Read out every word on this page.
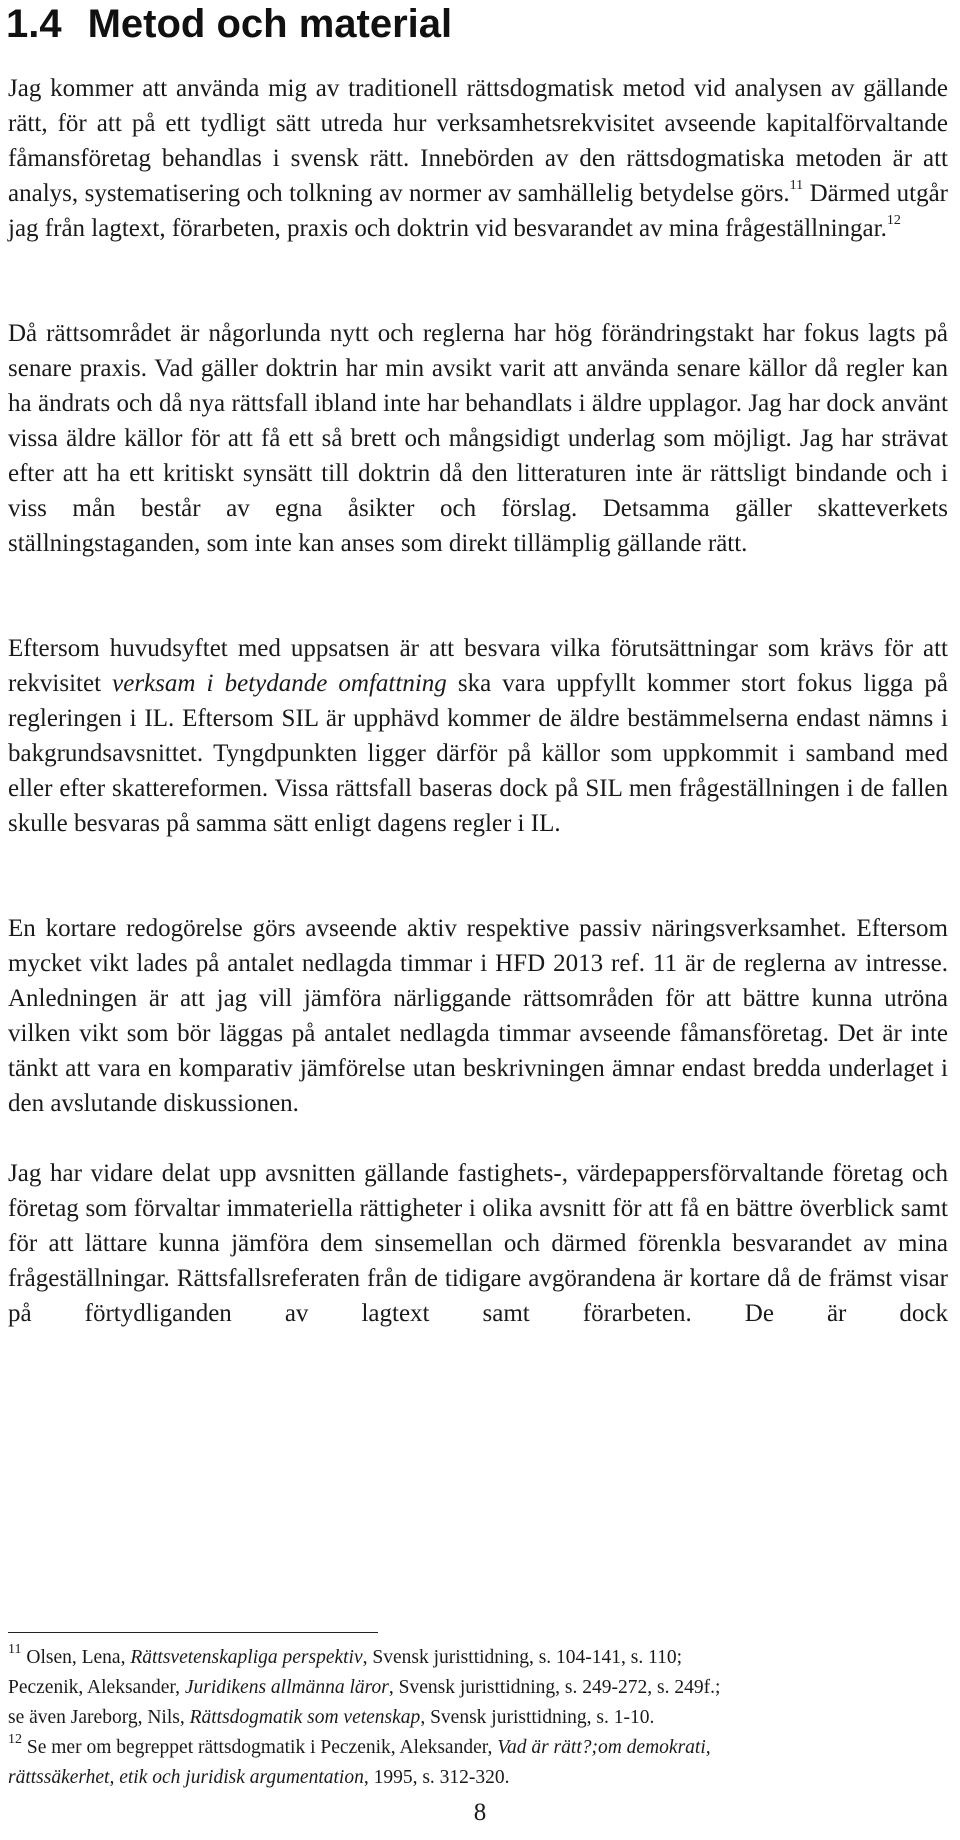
1.4 Metod och material

Jag kommer att använda mig av traditionell rättsdogmatisk metod vid analysen av gällande rätt, för att på ett tydligt sätt utreda hur verksamhetsrekvisitet avseende kapitalförvaltande fåmansföretag behandlas i svensk rätt. Innebörden av den rättsdogmatiska metoden är att analys, systematisering och tolkning av normer av samhällelig betydelse görs.$^{11}$ Därmed utgår jag från lagtext, förarbeten, praxis och doktrin vid besvarandet av mina frågeställningar.$^{12}$

Då rättsområdet är någorlunda nytt och reglerna har hög förändringstakt har fokus lagts på senare praxis. Vad gäller doktrin har min avsikt varit att använda senare källor då regler kan ha ändrats och då nya rättsfall ibland inte har behandlats i äldre upplagor. Jag har dock använt vissa äldre källor för att få ett så brett och mångsidigt underlag som möjligt. Jag har strävat efter att ha ett kritiskt synsätt till doktrin då den litteraturen inte är rättsligt bindande och i viss mån består av egna åsikter och förslag. Detsamma gäller skatteverkets ställningstaganden, som inte kan anses som direkt tillämplig gällande rätt.

Eftersom huvudsyftet med uppsatsen är att besvara vilka förutsättningar som krävs för att rekvisitet verksam i betydande omfattning ska vara uppfyllt kommer stort fokus ligga på regleringen i IL. Eftersom SIL är upphävd kommer de äldre bestämmelserna endast nämns i bakgrundsavsnittet. Tyngdpunkten ligger därför på källor som uppkommit i samband med eller efter skattereformen. Vissa rättsfall baseras dock på SIL men frågeställningen i de fallen skulle besvaras på samma sätt enligt dagens regler i IL.

En kortare redogörelse görs avseende aktiv respektive passiv näringsverksamhet. Eftersom mycket vikt lades på antalet nedlagda timmar i HFD 2013 ref. 11 är de reglerna av intresse. Anledningen är att jag vill jämföra närliggande rättsområden för att bättre kunna utröna vilken vikt som bör läggas på antalet nedlagda timmar avseende fåmansföretag. Det är inte tänkt att vara en komparativ jämförelse utan beskrivningen ämnar endast bredda underlaget i den avslutande diskussionen.

Jag har vidare delat upp avsnitten gällande fastighets-, värdepappersförvaltande företag och företag som förvaltar immateriella rättigheter i olika avsnitt för att få en bättre överblick samt för att lättare kunna jämföra dem sinsemellan och därmed förenkla besvarandet av mina frågeställningar. Rättsfallsreferaten från de tidigare avgörandena är kortare då de främst visar på förtydliganden av lagtext samt förarbeten. De är dock

$^{11}$ Olsen, Lena, Rättsvetenskapliga perspektiv, Svensk juristtidning, s. 104-141, s. 110;
Peczenik, Aleksander, Juridikens allmänna läror, Svensk juristtidning, s. 249-272, s. 249f.;
se även Jareborg, Nils, Rättsdogmatik som vetenskap, Svensk juristtidning, s. 1-10.

$^{12}$ Se mer om begreppet rättsdogmatik i Peczenik, Aleksander, Vad är rätt?;om demokrati,
rättssäkerhet, etik och juridisk argumentation, 1995, s. 312-320.

8
